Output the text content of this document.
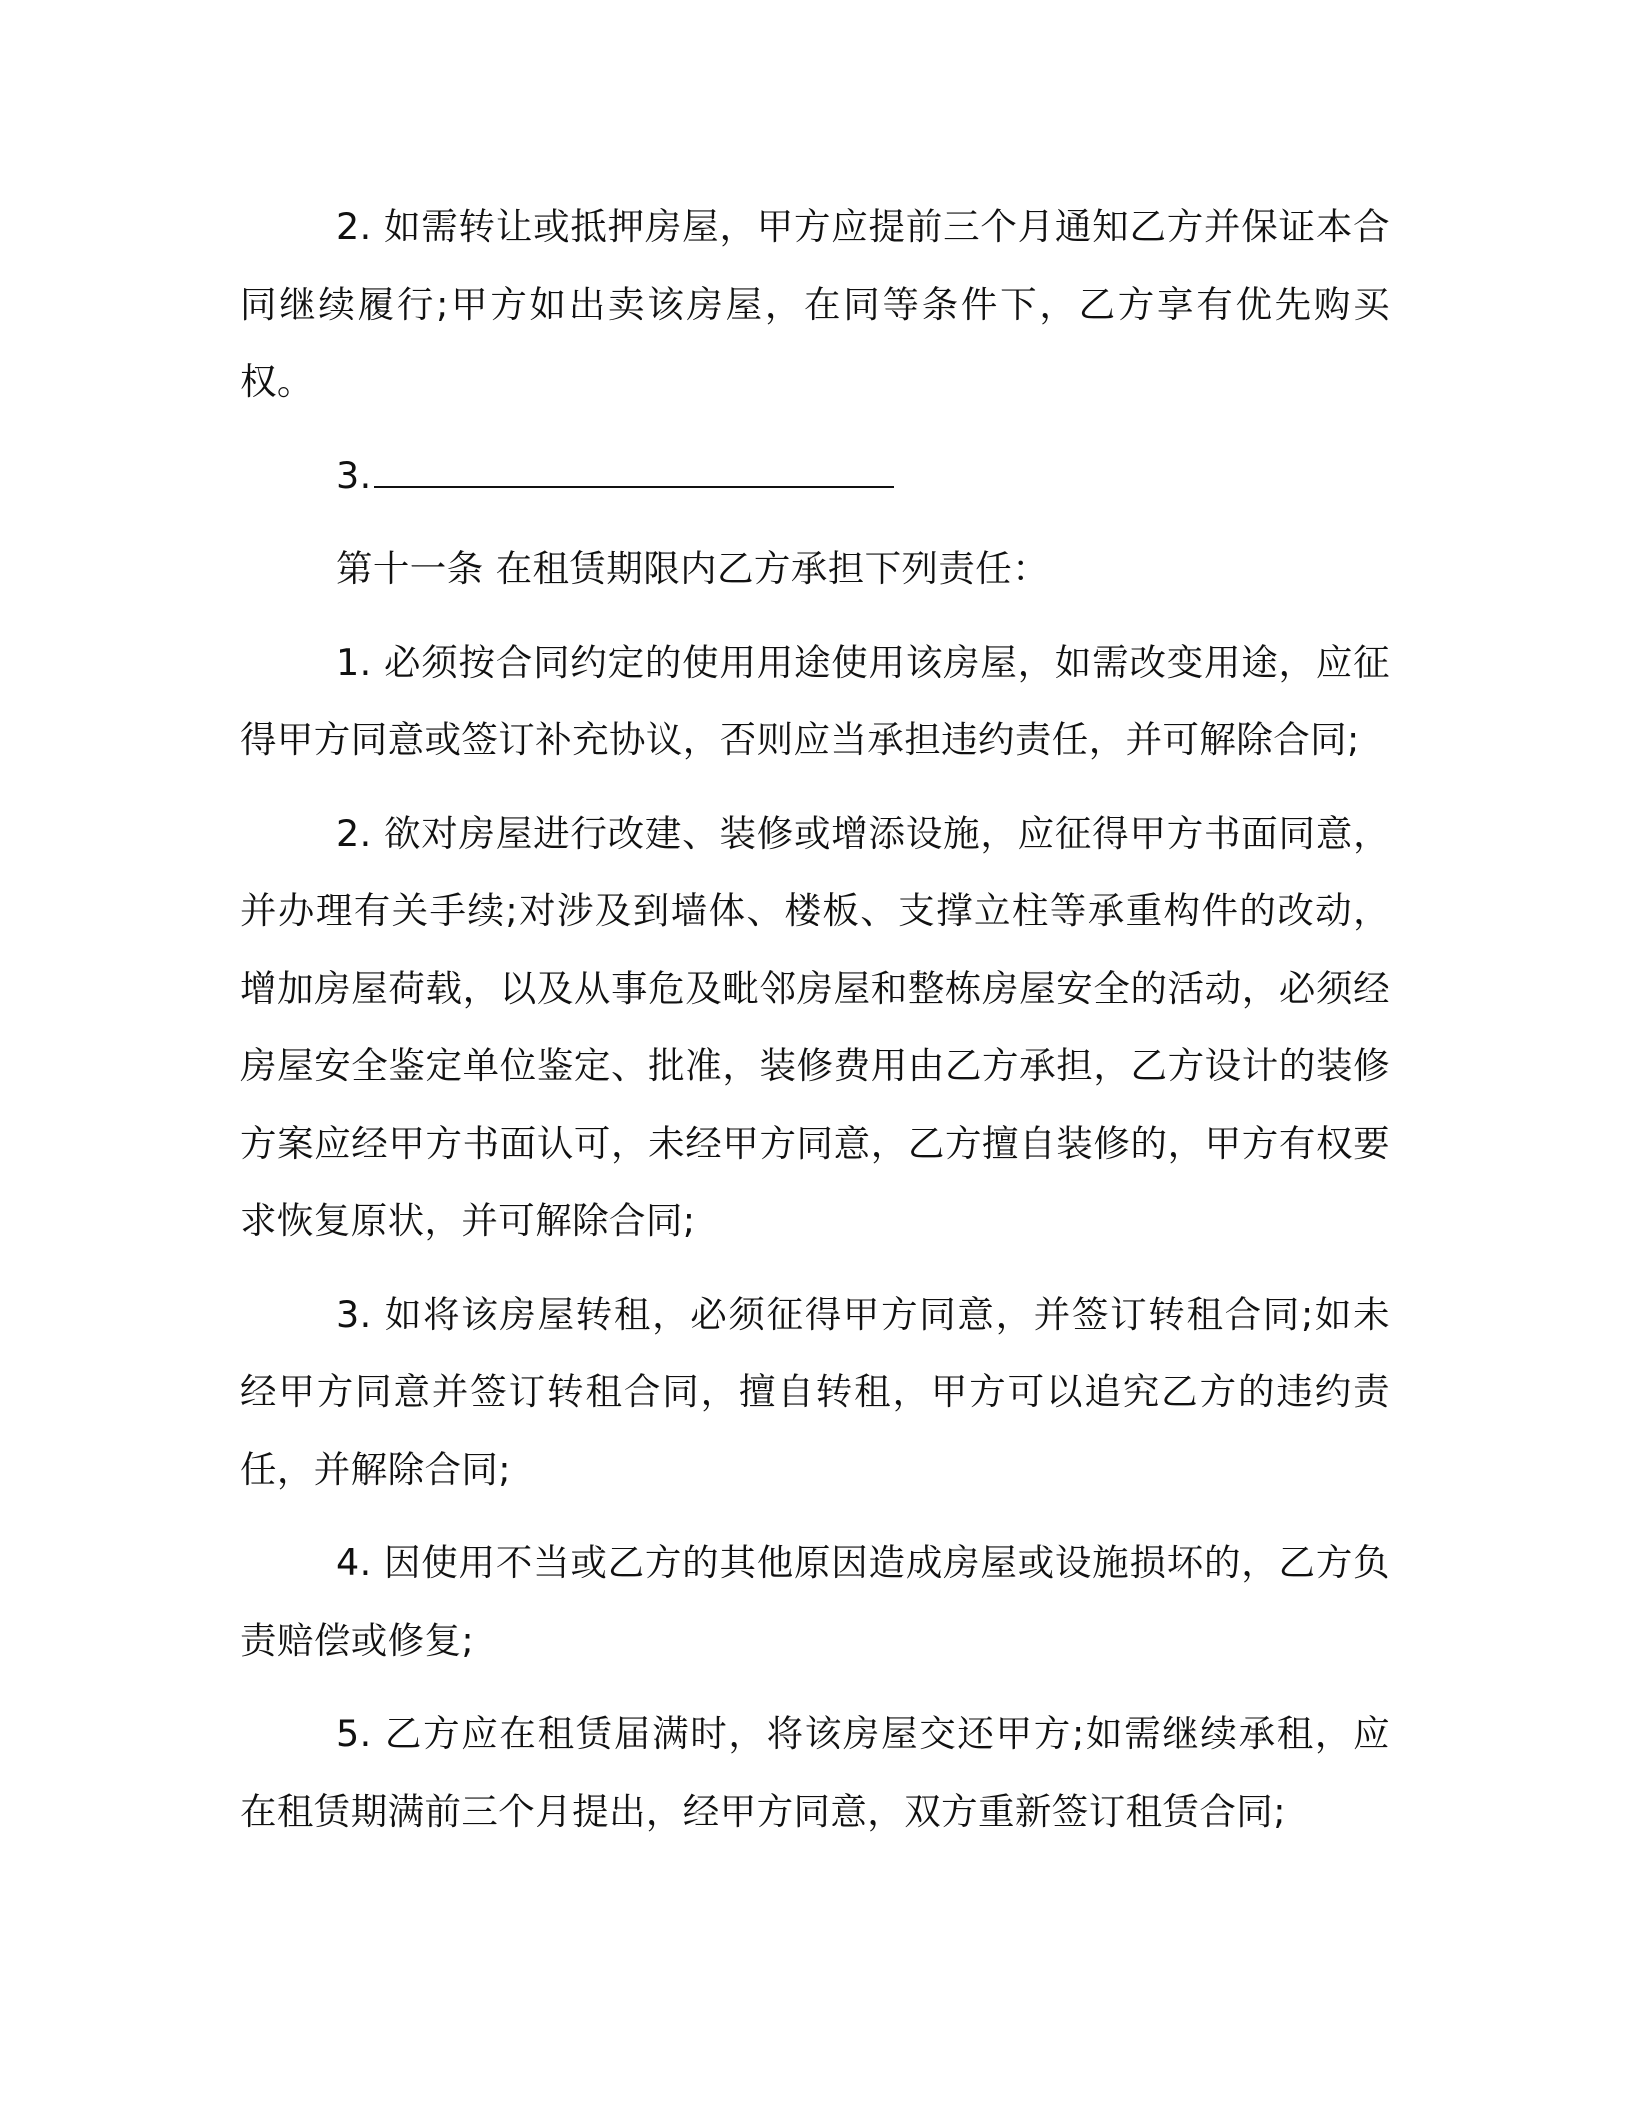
2. 如需转让或抵押房屋，甲方应提前三个月通知乙方并保证本合同继续履行;甲方如出卖该房屋，在同等条件下，乙方享有优先购买权。

3.

第十一条 在租赁期限内乙方承担下列责任：

1. 必须按合同约定的使用用途使用该房屋，如需改变用途，应征得甲方同意或签订补充协议，否则应当承担违约责任，并可解除合同;

2. 欲对房屋进行改建、装修或增添设施，应征得甲方书面同意，并办理有关手续;对涉及到墙体、楼板、支撑立柱等承重构件的改动，增加房屋荷载，以及从事危及毗邻房屋和整栋房屋安全的活动，必须经房屋安全鉴定单位鉴定、批准，装修费用由乙方承担，乙方设计的装修方案应经甲方书面认可，未经甲方同意，乙方擅自装修的，甲方有权要求恢复原状，并可解除合同;

3. 如将该房屋转租，必须征得甲方同意，并签订转租合同;如未经甲方同意并签订转租合同，擅自转租，甲方可以追究乙方的违约责任，并解除合同;

4. 因使用不当或乙方的其他原因造成房屋或设施损坏的，乙方负责赔偿或修复;

5. 乙方应在租赁届满时，将该房屋交还甲方;如需继续承租，应在租赁期满前三个月提出，经甲方同意，双方重新签订租赁合同;
